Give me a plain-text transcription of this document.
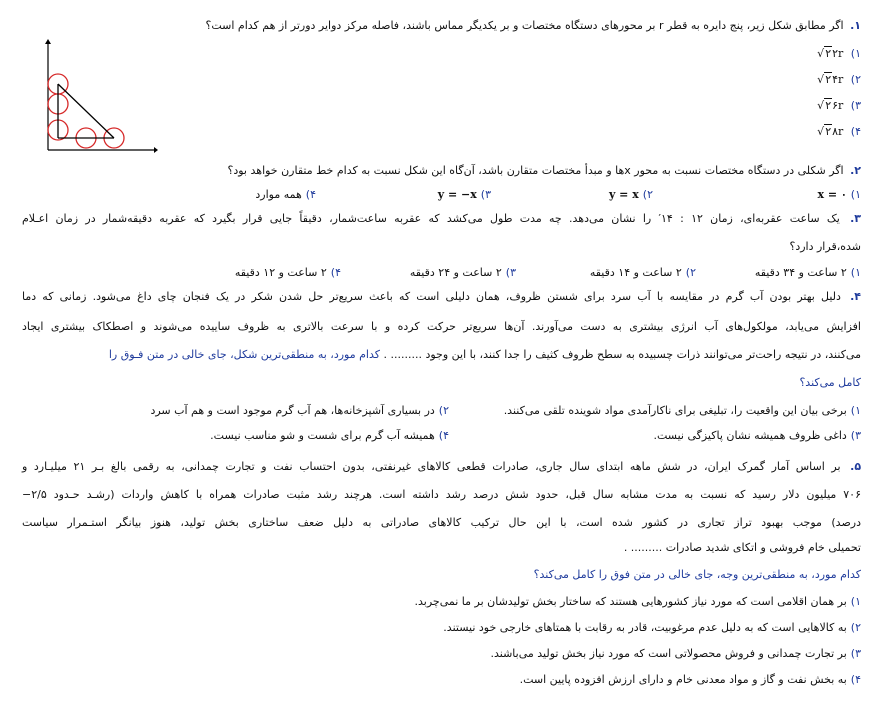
۱. اگر مطابق شکل زیر، پنج دایره به قطر r بر محورهای دستگاه مختصات و بر یکدیگر مماس باشند، فاصله مرکز دوایر دورتر از هم کدام است؟
۱) ۲r√۲
۲) ۴r√۲
۳) ۶r√۲
۴) ۸r√۲
۲. اگر شکلی در دستگاه مختصات نسبت به محور xها و مبدأ مختصات متقارن باشد، آن‌گاه این شکل نسبت به کدام خط متقارن خواهد بود؟
۱)x = ۰
۲)y = x
۳)y = −x
۴)همه موارد
۳. یک ساعت عقربه‌ای، زمان ۱۲ : ۱۴′ را نشان می‌دهد. چه مدت طول می‌کشد که عقربه ساعت‌شمار، دقیقاً جایی قرار بگیرد که عقربه دقیقه‌شمار در زمان اعـلام
شده،قرار دارد؟
۱)۲ ساعت و ۳۴ دقیقه
۲)۲ ساعت و ۱۴ دقیقه
۳)۲ ساعت و ۲۴ دقیقه
۴)۲ ساعت و ۱۲ دقیقه
۴. دلیل بهتر بودن آب گرم در مقایسه با آب سرد برای شستن ظروف، همان دلیلی است که باعث سریع‌تر حل شدن شکر در یک فنجان چای داغ می‌شود. زمانی که دما
افزایش می‌یابد، مولکول‌های آب انرژی بیشتری به دست می‌آورند. آن‌ها سریع‌تر حرکت کرده و با سرعت بالاتری به ظروف ساییده می‌شوند و اصطکاک بیشتری ایجاد
می‌کنند، در نتیجه راحت‌تر می‌توانند ذرات چسبیده به سطح ظروف کثیف را جدا کنند، با این وجود ......... . کدام مورد، به منطقی‌ترین شکل، جای خالی در متن فـوق را
کامل می‌کند؟
۱)برخی بیان این واقعیت را، تبلیغی برای ناکارآمدی مواد شوینده تلقی می‌کنند.
۲)در بسیاری آشپزخانه‌ها، هم آب گرم موجود است و هم آب سرد
۳)داغی ظروف همیشه نشان پاکیزگی نیست.
۴)همیشه آب گرم برای شست و شو مناسب نیست.
۵. بر اساس آمار گمرک ایران، در شش ماهه ابتدای سال جاری، صادرات قطعی کالاهای غیرنفتی، بدون احتساب نفت و تجارت چمدانی، به رقمی بالغ بـر ۲۱ میلیـارد و
۷۰۶ میلیون دلار رسید که نسبت به مدت مشابه سال قبل، حدود شش درصد رشد داشته است. هرچند رشد مثبت صادرات همراه با کاهش واردات (رشـد حـدود ۲/۵−
درصد) موجب بهبود تراز تجاری در کشور شده است، با این حال ترکیب کالاهای صادراتی به دلیل ضعف ساختاری بخش تولید، هنوز بیانگر استـمرار سیاست
تحمیلی خام فروشی و اتکای شدید صادرات ......... .
کدام مورد، به منطقی‌ترین وجه، جای خالی در متن فوق را کامل می‌کند؟
۱)بر همان اقلامی است که مورد نیاز کشورهایی هستند که ساختار بخش تولیدشان بر ما نمی‌چربد.
۲)به کالاهایی است که به دلیل عدم مرغوبیت، قادر به رقابت با همتاهای خارجی خود نیستند.
۳)بر تجارت چمدانی و فروش محصولاتی است که مورد نیاز بخش تولید می‌باشند.
۴)به بخش نفت و گاز و مواد معدنی خام و دارای ارزش افزوده پایین است.
